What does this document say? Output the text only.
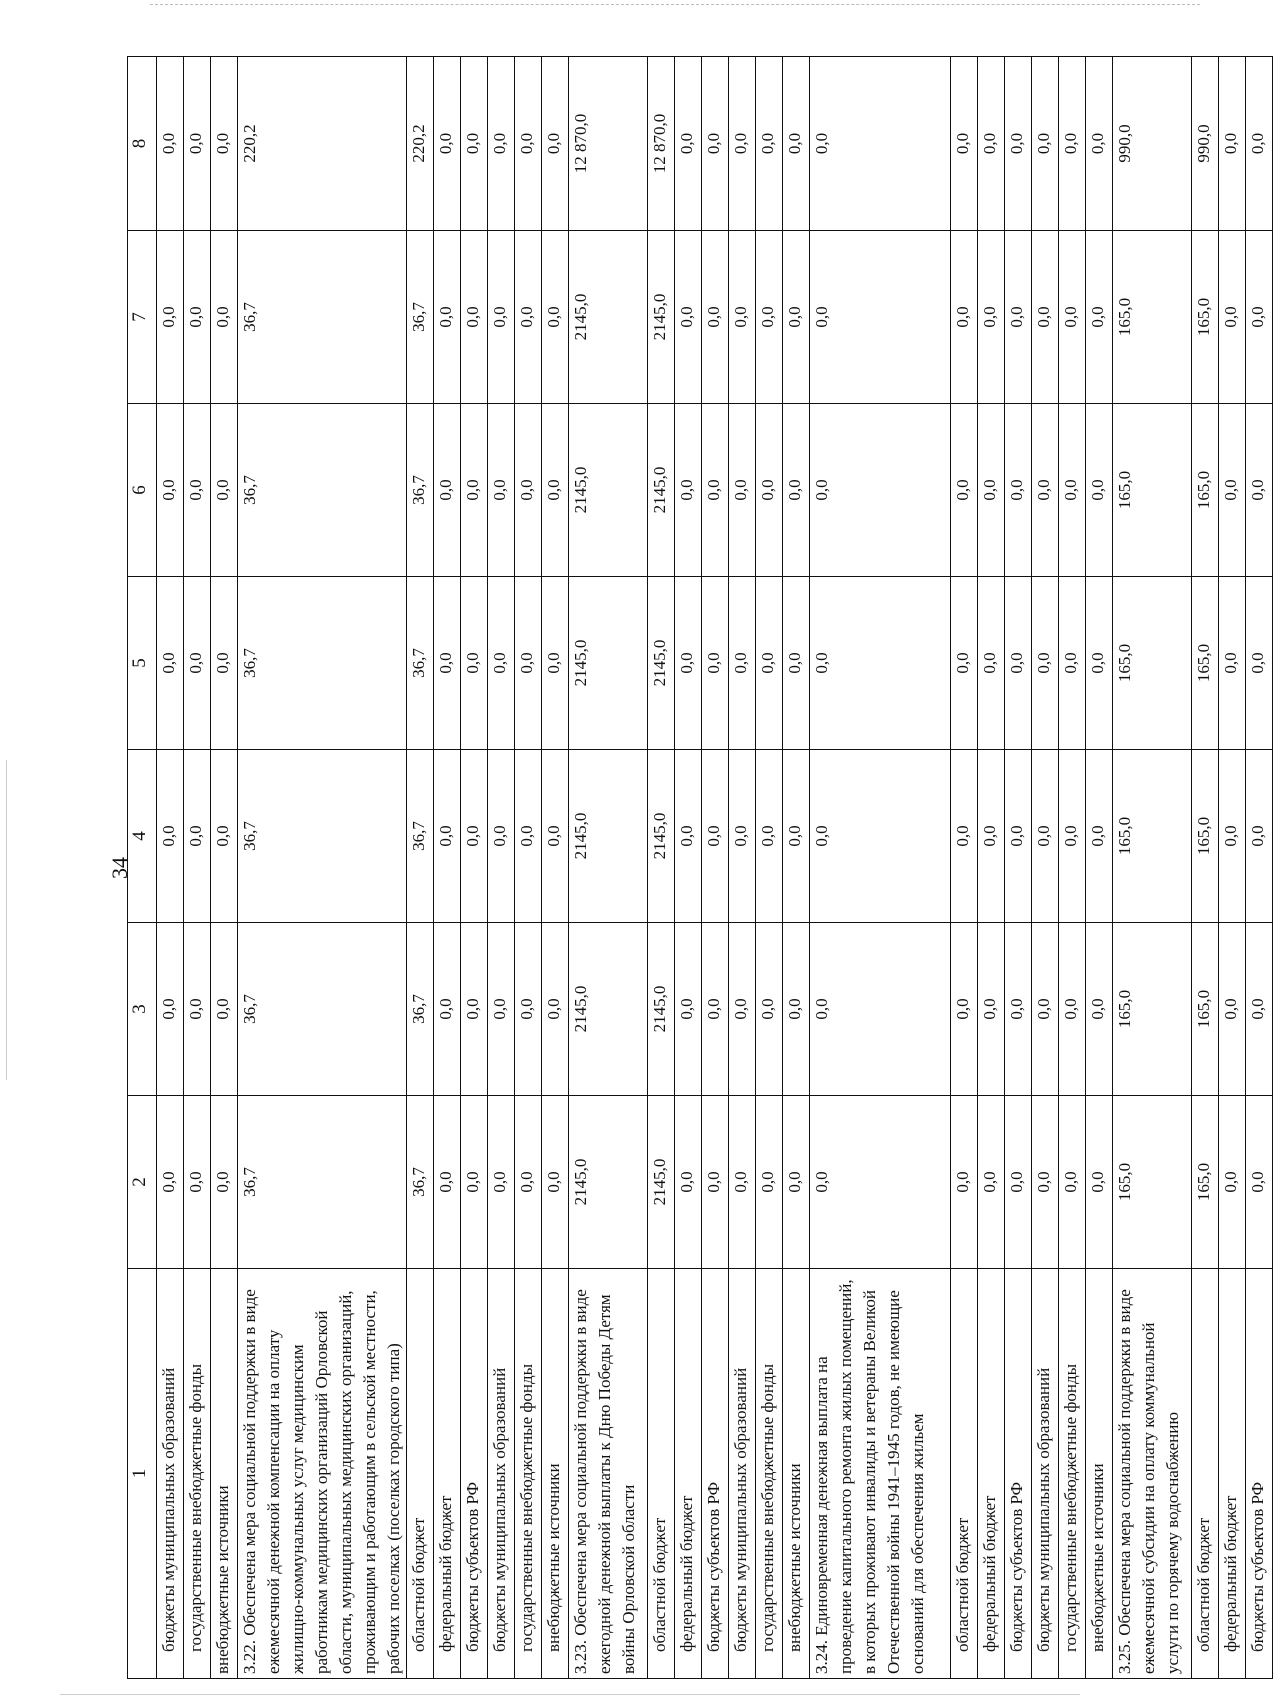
34
1	2	3	4	5	6	7	8
бюджеты муниципальных образований	0,0	0,0	0,0	0,0	0,0	0,0	0,0
государственные внебюджетные фонды	0,0	0,0	0,0	0,0	0,0	0,0	0,0
внебюджетные источники	0,0	0,0	0,0	0,0	0,0	0,0	0,0
3.22. Обеспечена мера социальной поддержки в виде ежемесячной денежной компенсации на оплату жилищно-коммунальных услуг медицинским работникам медицинских организаций Орловской области, муниципальных медицинских организаций, проживающим и работающим в сельской местности, рабочих поселках (поселках городского типа)	36,7	36,7	36,7	36,7	36,7	36,7	220,2
областной бюджет	36,7	36,7	36,7	36,7	36,7	36,7	220,2
федеральный бюджет	0,0	0,0	0,0	0,0	0,0	0,0	0,0
бюджеты субъектов РФ	0,0	0,0	0,0	0,0	0,0	0,0	0,0
бюджеты муниципальных образований	0,0	0,0	0,0	0,0	0,0	0,0	0,0
государственные внебюджетные фонды	0,0	0,0	0,0	0,0	0,0	0,0	0,0
внебюджетные источники	0,0	0,0	0,0	0,0	0,0	0,0	0,0
3.23. Обеспечена мера социальной поддержки в виде ежегодной денежной выплаты к Дню Победы Детям войны Орловской области	2145,0	2145,0	2145,0	2145,0	2145,0	2145,0	12 870,0
областной бюджет	2145,0	2145,0	2145,0	2145,0	2145,0	2145,0	12 870,0
федеральный бюджет	0,0	0,0	0,0	0,0	0,0	0,0	0,0
бюджеты субъектов РФ	0,0	0,0	0,0	0,0	0,0	0,0	0,0
бюджеты муниципальных образований	0,0	0,0	0,0	0,0	0,0	0,0	0,0
государственные внебюджетные фонды	0,0	0,0	0,0	0,0	0,0	0,0	0,0
внебюджетные источники	0,0	0,0	0,0	0,0	0,0	0,0	0,0
3.24. Единовременная денежная выплата на проведение капитального ремонта жилых помещений, в которых проживают инвалиды и ветераны Великой Отечественной войны 1941–1945 годов, не имеющие оснований для обеспечения жильем	0,0	0,0	0,0	0,0	0,0	0,0	0,0
областной бюджет	0,0	0,0	0,0	0,0	0,0	0,0	0,0
федеральный бюджет	0,0	0,0	0,0	0,0	0,0	0,0	0,0
бюджеты субъектов РФ	0,0	0,0	0,0	0,0	0,0	0,0	0,0
бюджеты муниципальных образований	0,0	0,0	0,0	0,0	0,0	0,0	0,0
государственные внебюджетные фонды	0,0	0,0	0,0	0,0	0,0	0,0	0,0
внебюджетные источники	0,0	0,0	0,0	0,0	0,0	0,0	0,0
3.25. Обеспечена мера социальной поддержки в виде ежемесячной субсидии на оплату коммунальной услуги по горячему водоснабжению	165,0	165,0	165,0	165,0	165,0	165,0	990,0
областной бюджет	165,0	165,0	165,0	165,0	165,0	165,0	990,0
федеральный бюджет	0,0	0,0	0,0	0,0	0,0	0,0	0,0
бюджеты субъектов РФ	0,0	0,0	0,0	0,0	0,0	0,0	0,0
